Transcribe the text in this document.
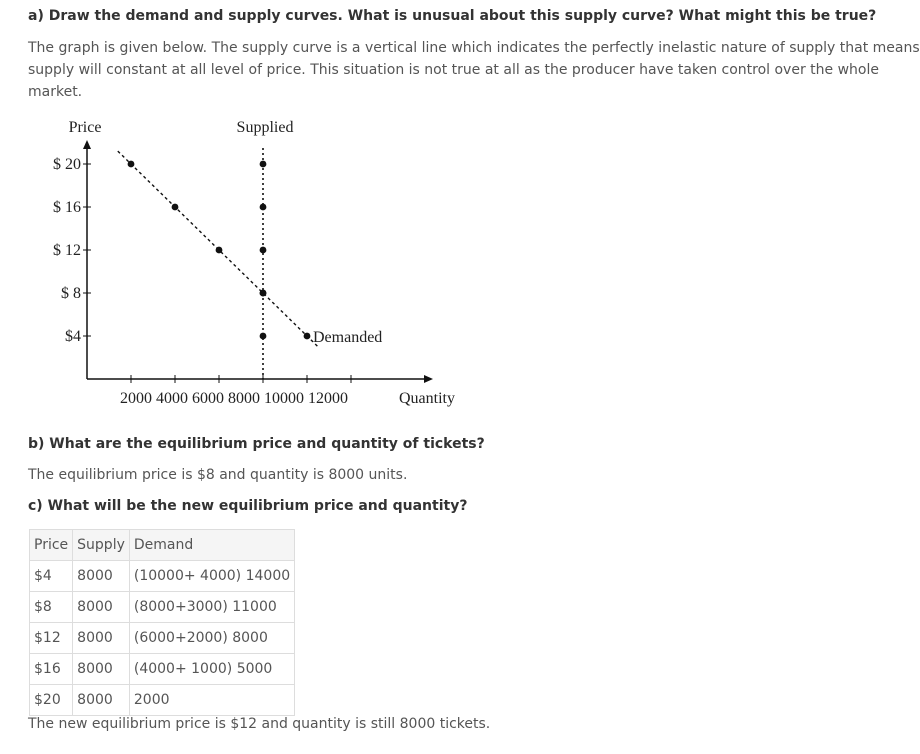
a) Draw the demand and supply curves. What is unusual about this supply curve? What might this be true?

The graph is given below. The supply curve is a vertical line which indicates the perfectly inelastic nature of supply that means supply will constant at all level of price. This situation is not true at all as the producer have taken control over the whole market.

$ 20
$ 16
$ 12
$ 8
$4
2000 4000 6000 8000 10000 12000
Price
Quantity
Supplied
Demanded

b) What are the equilibrium price and quantity of tickets?

The equilibrium price is $8 and quantity is 8000 units.

c) What will be the new equilibrium price and quantity?

Price	Supply	Demand
$4	8000	(10000+ 4000) 14000
$8	8000	(8000+3000) 11000
$12	8000	(6000+2000) 8000
$16	8000	(4000+ 1000) 5000
$20	8000	2000

The new equilibrium price is $12 and quantity is still 8000 tickets.
